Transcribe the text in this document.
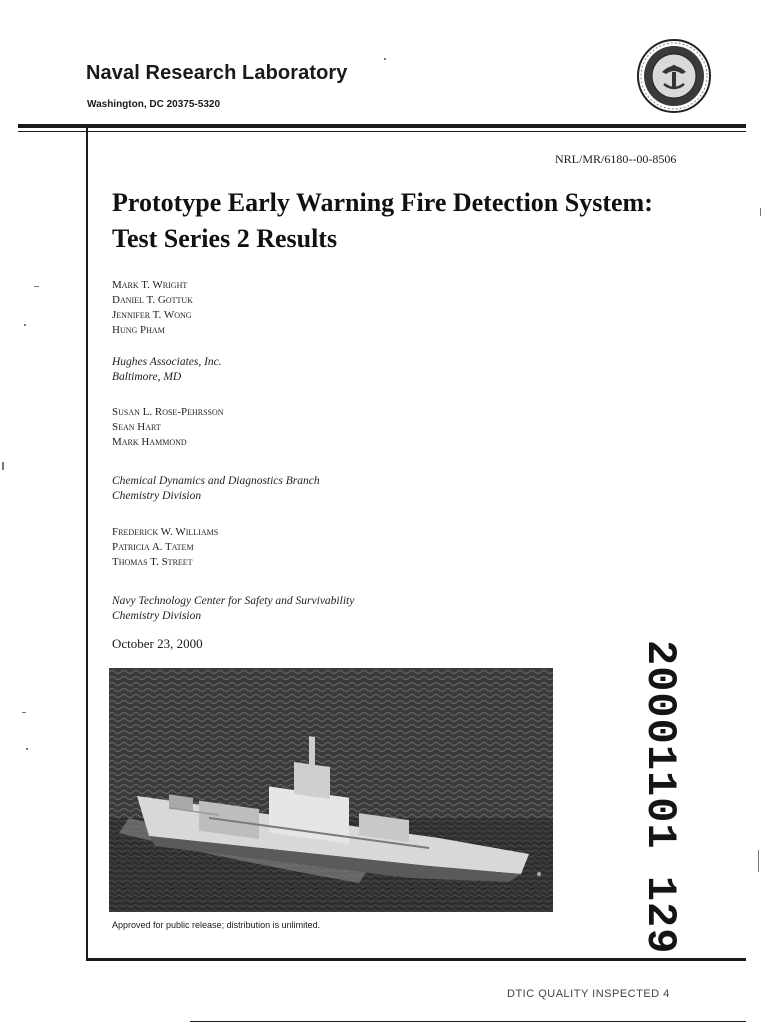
Naval Research Laboratory
Washington, DC 20375-5320
NRL/MR/6180--00-8506
Prototype Early Warning Fire Detection System: Test Series 2 Results
Mark T. Wright
Daniel T. Gottuk
Jennifer T. Wong
Hung Pham
Hughes Associates, Inc.
Baltimore, MD
Susan L. Rose-Pehrsson
Sean Hart
Mark Hammond
Chemical Dynamics and Diagnostics Branch
Chemistry Division
Frederick W. Williams
Patricia A. Tatem
Thomas T. Street
Navy Technology Center for Safety and Survivability
Chemistry Division
October 23, 2000
Approved for public release; distribution is unlimited.	20001101 129
DTIC QUALITY INSPECTED 4
